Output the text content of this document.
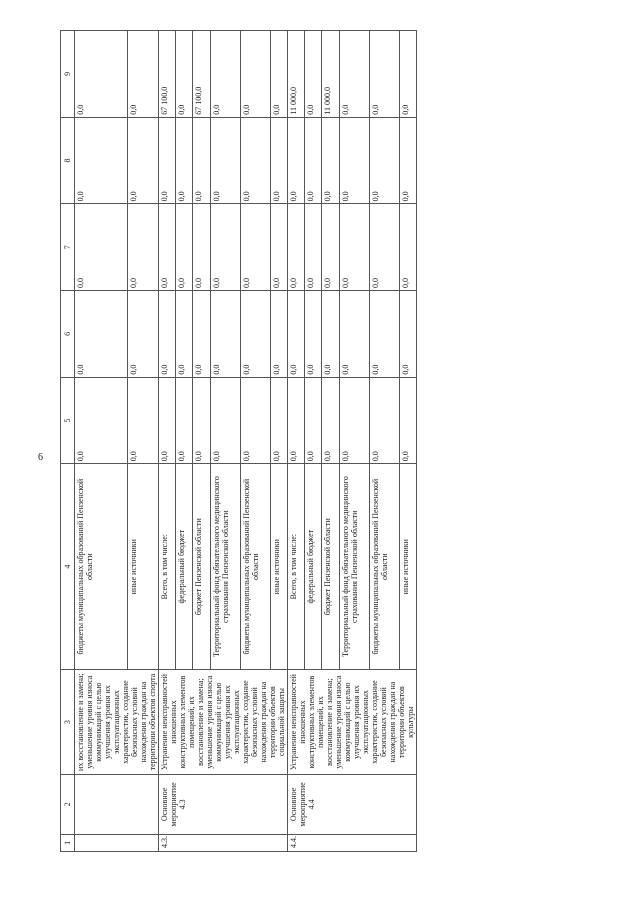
6
1	2	3	4	5	6	7	8	9
		их восстановление и замена; уменьшение уровня износа коммуникаций с целью улучшения уровня их эксплуатационных характеристик, создание безопасных условий нахождения граждан на территории объектов спорта	бюджеты муниципальных образований Пензенской области	0,0	0,0	0,0	0,0	0,0
			иные источники	0,0	0,0	0,0	0,0	0,0
4.3.	Основное мероприятие 4.3	Устранение неисправностей изношенных конструктивных элементов помещений, их восстановление и замена; уменьшение уровня износа коммуникаций с целью улучшения уровня их эксплуатационных характеристик, создание безопасных условий нахождения граждан на территории объектов социальной защиты	Всего, в том числе:	0,0	0,0	0,0	0,0	67 100,0
			федеральный бюджет	0,0	0,0	0,0	0,0	0,0
			бюджет Пензенской области	0,0	0,0	0,0	0,0	67 100,0
			Территориальный фонд обязательного медицинского страхования Пензенской области	0,0	0,0	0,0	0,0	0,0
			бюджеты муниципальных образований Пензенской области	0,0	0,0	0,0	0,0	0,0
			иные источники	0,0	0,0	0,0	0,0	0,0
4.4.	Основное мероприятие 4.4	Устранение неисправностей изношенных конструктивных элементов помещений, их восстановление и замена; уменьшение уровня износа коммуникаций с целью улучшения уровня их эксплуатационных характеристик, создание безопасных условий нахождения граждан на территории объектов культуры	Всего, в том числе:	0,0	0,0	0,0	0,0	11 000,0
			федеральный бюджет	0,0	0,0	0,0	0,0	0,0
			бюджет Пензенской области	0,0	0,0	0,0	0,0	11 000,0
			Территориальный фонд обязательного медицинского страхования Пензенской области	0,0	0,0	0,0	0,0	0,0
			бюджеты муниципальных образований Пензенской области	0,0	0,0	0,0	0,0	0,0
			иные источники	0,0	0,0	0,0	0,0	0,0
